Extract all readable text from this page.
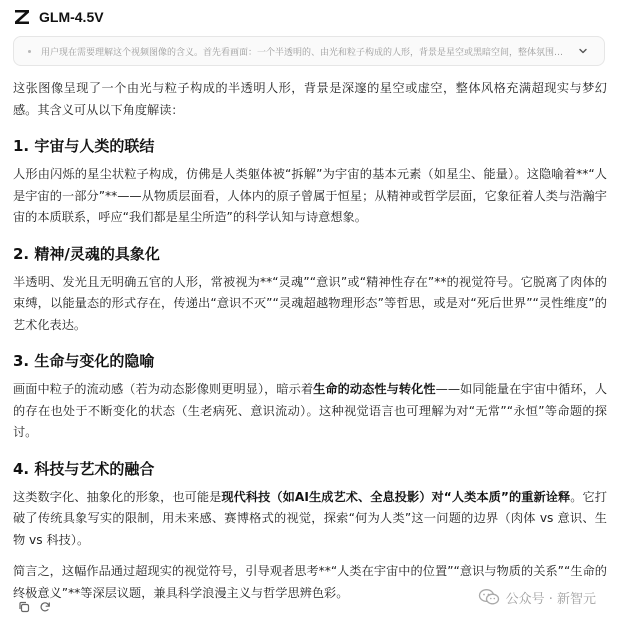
GLM-4.5V
用户现在需要理解这个视频图像的含义。首先看画面：一个半透明的、由光和粒子构成的人形，背景是星空或黑暗空间，整体氛围…

这张图像呈现了一个由光与粒子构成的半透明人形，背景是深邃的星空或虚空，整体风格充满超现实与梦幻感。其含义可从以下角度解读：

1. 宇宙与人类的联结

人形由闪烁的星尘状粒子构成，仿佛是人类躯体被“拆解”为宇宙的基本元素（如星尘、能量）。这隐喻着**“人是宇宙的一部分”**——从物质层面看，人体内的原子曾属于恒星；从精神或哲学层面，它象征着人类与浩瀚宇宙的本质联系，呼应“我们都是星尘所造”的科学认知与诗意想象。

2. 精神/灵魂的具象化

半透明、发光且无明确五官的人形，常被视为**“灵魂”“意识”或“精神性存在”**的视觉符号。它脱离了肉体的束缚，以能量态的形式存在，传递出“意识不灭”“灵魂超越物理形态”等哲思，或是对“死后世界”“灵性维度”的艺术化表达。

3. 生命与变化的隐喻

画面中粒子的流动感（若为动态影像则更明显），暗示着生命的动态性与转化性——如同能量在宇宙中循环，人的存在也处于不断变化的状态（生老病死、意识流动）。这种视觉语言也可理解为对“无常”“永恒”等命题的探讨。

4. 科技与艺术的融合

这类数字化、抽象化的形象，也可能是现代科技（如AI生成艺术、全息投影）对“人类本质”的重新诠释。它打破了传统具象写实的限制，用未来感、赛博格式的视觉，探索“何为人类”这一问题的边界（肉体 vs 意识、生物 vs 科技）。

简言之，这幅作品通过超现实的视觉符号，引导观者思考**“人类在宇宙中的位置”“意识与物质的关系”“生命的终极意义”**等深层议题，兼具科学浪漫主义与哲学思辨色彩。	公众号 · 新智元
